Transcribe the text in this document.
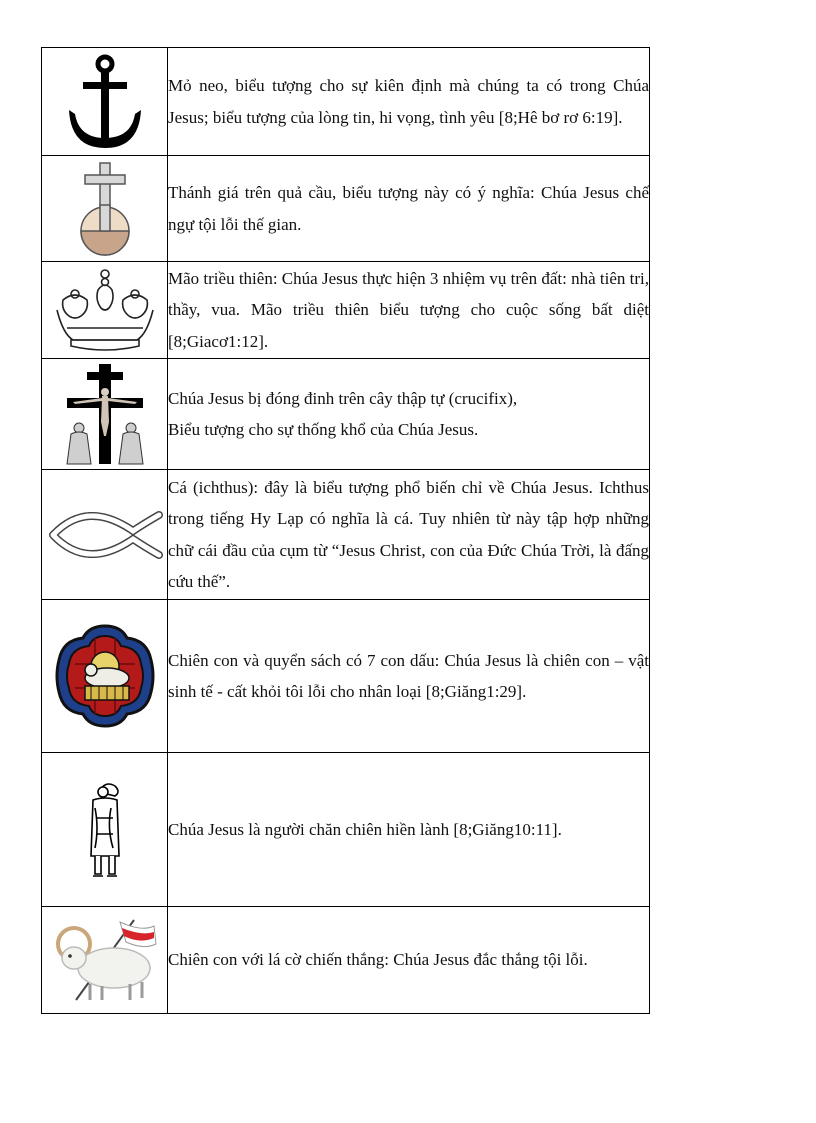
Mỏ neo, biểu tượng cho sự kiên định mà chúng ta có trong Chúa Jesus; biểu tượng của lòng tin, hi vọng, tình yêu [8;Hê bơ rơ 6:19].

Thánh giá trên quả cầu, biểu tượng này có ý nghĩa: Chúa Jesus chế ngự tội lỗi thế gian.

Mão triều thiên: Chúa Jesus thực hiện 3 nhiệm vụ trên đất: nhà tiên tri, thầy, vua. Mão triều thiên biểu tượng cho cuộc sống bất diệt [8;Giacơ1:12].

Chúa Jesus bị đóng đinh trên cây thập tự (crucifix),
Biểu tượng cho sự thống khổ của Chúa Jesus.

Cá (ichthus): đây là biểu tượng phổ biến chỉ về Chúa Jesus. Ichthus trong tiếng Hy Lạp có nghĩa là cá. Tuy nhiên từ này tập hợp những chữ cái đầu của cụm từ “Jesus Christ, con của Đức Chúa Trời, là đấng cứu thế”.

Chiên con và quyển sách có 7 con dấu: Chúa Jesus là chiên con – vật sinh tế - cất khỏi tôi lỗi cho nhân loại [8;Giăng1:29].

Chúa Jesus là người chăn chiên hiền lành [8;Giăng10:11].

Chiên con với lá cờ chiến thắng: Chúa Jesus đắc thắng tội lỗi.
